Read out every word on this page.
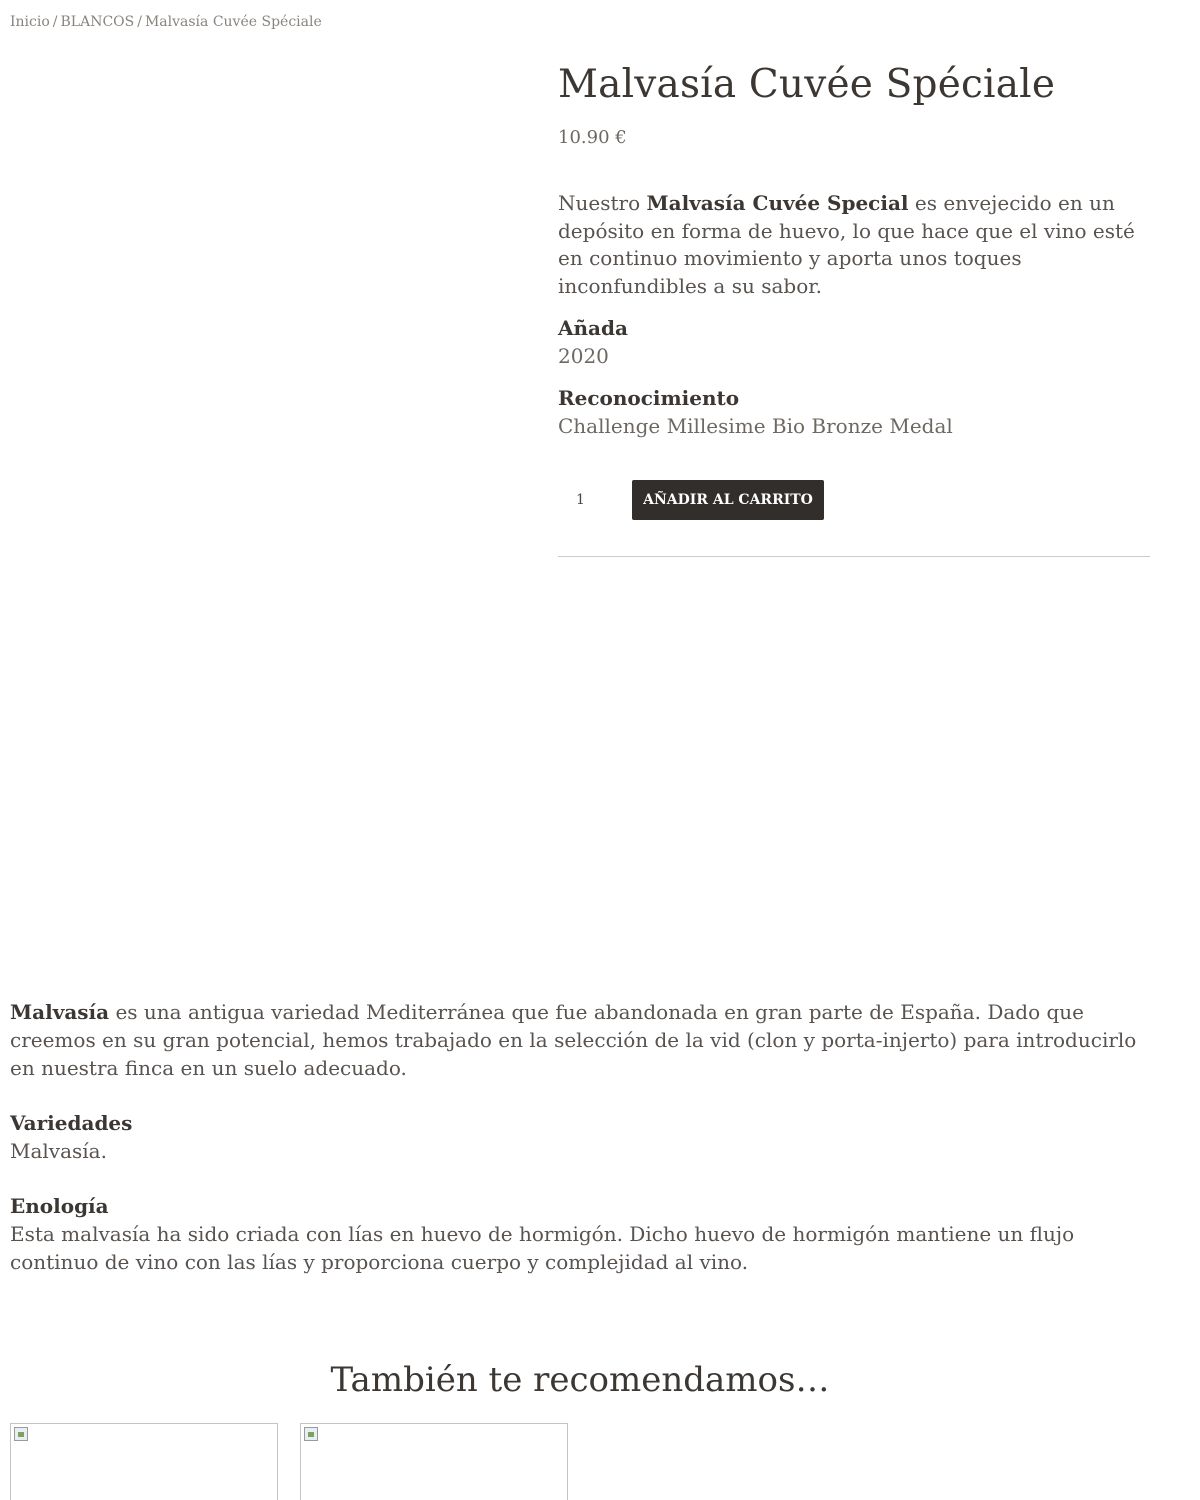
Inicio / BLANCOS / Malvasía Cuvée Spéciale
Malvasía Cuvée Spéciale
10.90 €
Nuestro Malvasía Cuvée Special es envejecido en un depósito en forma de huevo, lo que hace que el vino esté en continuo movimiento y aporta unos toques inconfundibles a su sabor.
Añada
2020
Reconocimiento
Challenge Millesime Bio Bronze Medal
1
AÑADIR AL CARRITO

Malvasía es una antigua variedad Mediterránea que fue abandonada en gran parte de España. Dado que creemos en su gran potencial, hemos trabajado en la selección de la vid (clon y porta-injerto) para introducirlo en nuestra finca en un suelo adecuado.

Variedades
Malvasía.
Enología
Esta malvasía ha sido criada con lías en huevo de hormigón. Dicho huevo de hormigón mantiene un flujo continuo de vino con las lías y proporciona cuerpo y complejidad al vino.
También te recomendamos…
